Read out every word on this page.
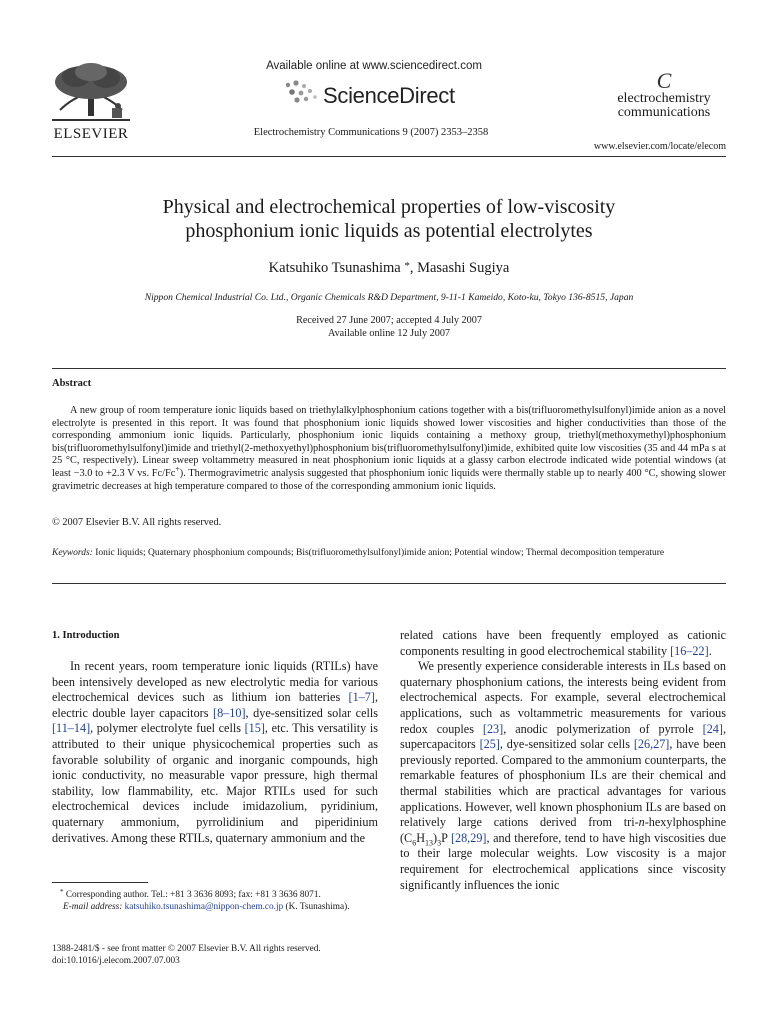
ELSEVIER
Available online at www.sciencedirect.com
ScienceDirect
Electrochemistry Communications 9 (2007) 2353–2358
C
electrochemistry
communications
www.elsevier.com/locate/elecom
Physical and electrochemical properties of low-viscosity
phosphonium ionic liquids as potential electrolytes
Katsuhiko Tsunashima *, Masashi Sugiya
Nippon Chemical Industrial Co. Ltd., Organic Chemicals R&D Department, 9-11-1 Kameido, Koto-ku, Tokyo 136-8515, Japan
Received 27 June 2007; accepted 4 July 2007
Available online 12 July 2007
Abstract
A new group of room temperature ionic liquids based on triethylalkylphosphonium cations together with a bis(trifluoromethylsulfonyl)imide anion as a novel electrolyte is presented in this report. It was found that phosphonium ionic liquids showed lower viscosities and higher conductivities than those of the corresponding ammonium ionic liquids. Particularly, phosphonium ionic liquids containing a methoxy group, triethyl(methoxymethyl)phosphonium bis(trifluoromethylsulfonyl)imide and triethyl(2-methoxyethyl)phosphonium bis(trifluoromethylsulfonyl)imide, exhibited quite low viscosities (35 and 44 mPa s at 25 °C, respectively). Linear sweep voltammetry measured in neat phosphonium ionic liquids at a glassy carbon electrode indicated wide potential windows (at least −3.0 to +2.3 V vs. Fc/Fc+). Thermogravimetric analysis suggested that phosphonium ionic liquids were thermally stable up to nearly 400 °C, showing slower gravimetric decreases at high temperature compared to those of the corresponding ammonium ionic liquids.
© 2007 Elsevier B.V. All rights reserved.
Keywords: Ionic liquids; Quaternary phosphonium compounds; Bis(trifluoromethylsulfonyl)imide anion; Potential window; Thermal decomposition temperature
1. Introduction
In recent years, room temperature ionic liquids (RTILs) have been intensively developed as new electrolytic media for various electrochemical devices such as lithium ion batteries [1–7], electric double layer capacitors [8–10], dye-sensitized solar cells [11–14], polymer electrolyte fuel cells [15], etc. This versatility is attributed to their unique physicochemical properties such as favorable solubility of organic and inorganic compounds, high ionic conductivity, no measurable vapor pressure, high thermal stability, low flammability, etc. Major RTILs used for such electrochemical devices include imidazolium, pyridinium, quaternary ammonium, pyrrolidinium and piperidinium derivatives. Among these RTILs, quaternary ammonium and the
* Corresponding author. Tel.: +81 3 3636 8093; fax: +81 3 3636 8071.
E-mail address: katsuhiko.tsunashima@nippon-chem.co.jp (K. Tsunashima).
1388-2481/$ - see front matter © 2007 Elsevier B.V. All rights reserved.
doi:10.1016/j.elecom.2007.07.003

related cations have been frequently employed as cationic components resulting in good electrochemical stability [16–22].

We presently experience considerable interests in ILs based on quaternary phosphonium cations, the interests being evident from electrochemical aspects. For example, several electrochemical applications, such as voltammetric measurements for various redox couples [23], anodic polymerization of pyrrole [24], supercapacitors [25], dye-sensitized solar cells [26,27], have been previously reported. Compared to the ammonium counterparts, the remarkable features of phosphonium ILs are their chemical and thermal stabilities which are practical advantages for various applications. However, well known phosphonium ILs are based on relatively large cations derived from tri-n-hexylphosphine $(C_6H_{13})_3P$ [28,29], and therefore, tend to have high viscosities due to their large molecular weights. Low viscosity is a major requirement for electrochemical applications since viscosity significantly influences the ionic
